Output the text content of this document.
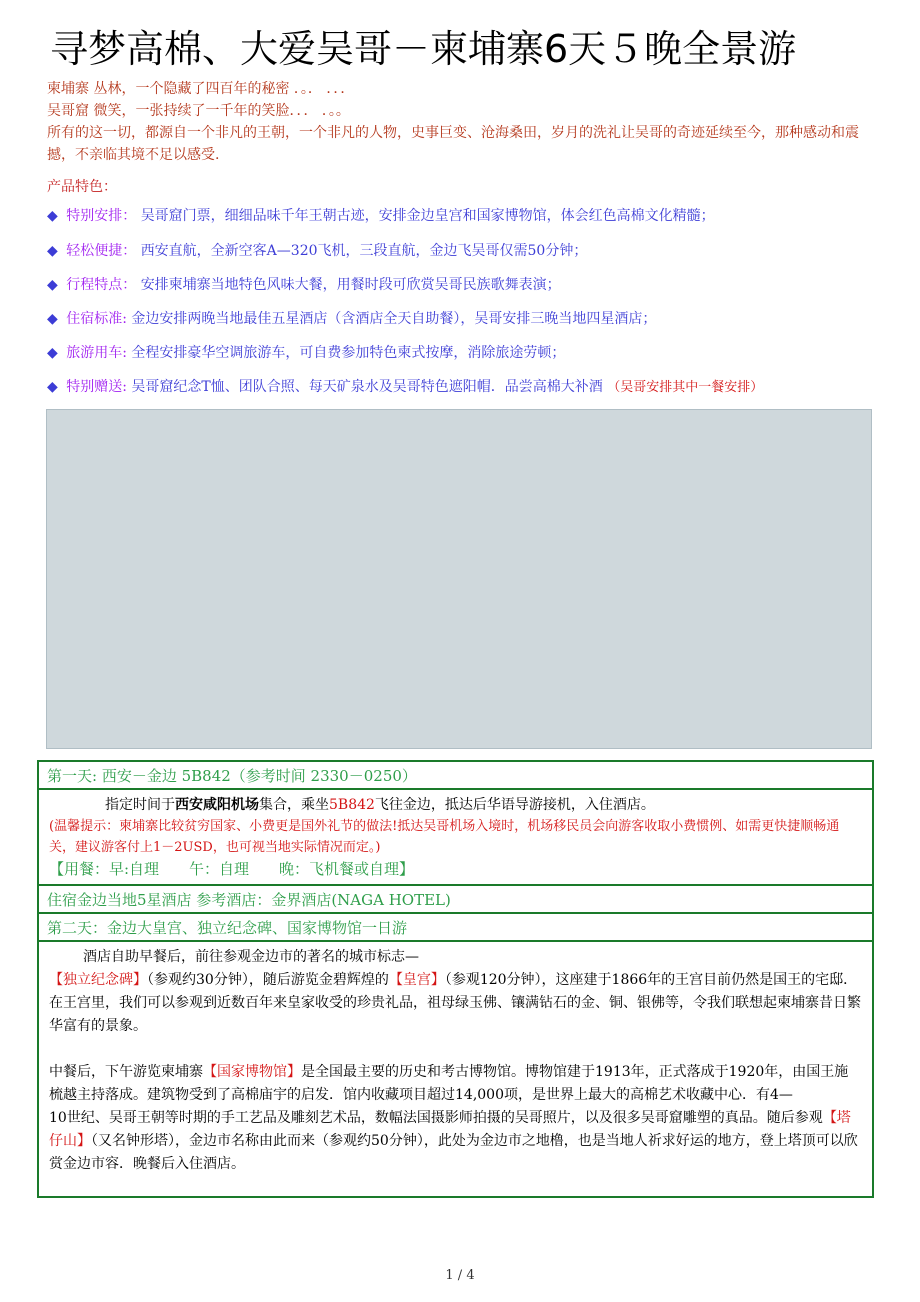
寻梦高棉、大爱吴哥－柬埔寨6天５晚全景游
柬埔寨 丛林，一个隐藏了四百年的秘密 ．。． ．．．
吴哥窟 微笑，一张持续了一千年的笑脸．．． ．。。
所有的这一切，都源自一个非凡的王朝，一个非凡的人物，史事巨变、沧海桑田，岁月的洗礼让吴哥的奇迹延续至今，那种感动和震撼，不亲临其境不足以感受.
产品特色：
◆ 特别安排： 吴哥窟门票，细细品味千年王朝古迹，安排金边皇宫和国家博物馆，体会红色高棉文化精髓；
◆ 轻松便捷： 西安直航，全新空客A—320飞机，三段直航，金边飞吴哥仅需50分钟；
◆ 行程特点： 安排柬埔寨当地特色风味大餐，用餐时段可欣赏吴哥民族歌舞表演；
◆ 住宿标准: 金边安排两晚当地最佳五星酒店（含酒店全天自助餐），吴哥安排三晚当地四星酒店；
◆ 旅游用车: 全程安排豪华空调旅游车，可自费参加特色柬式按摩，消除旅途劳顿；
◆ 特别赠送: 吴哥窟纪念T恤、团队合照、每天矿泉水及吴哥特色遮阳帽．品尝高棉大补酒 （吴哥安排其中一餐安排）
第一天: 西安－金边 5B842（参考时间 2330－0250）
指定时间于西安咸阳机场集合，乘坐5B842飞往金边，抵达后华语导游接机，入住酒店。
(温馨提示：柬埔寨比较贫穷国家、小费更是国外礼节的做法!抵达吴哥机场入境时，机场移民员会向游客收取小费惯例、如需更快捷顺畅通关，建议游客付上1－2USD，也可视当地实际情况而定。)
【用餐：早:自理　　午：自理　　晚：飞机餐或自理】
住宿金边当地5星酒店 参考酒店：金界酒店(NAGA HOTEL)
第二天：金边大皇宫、独立纪念碑、国家博物馆一日游
酒店自助早餐后，前往参观金边市的著名的城市标志—
【独立纪念碑】（参观约30分钟），随后游览金碧辉煌的【皇宫】（参观120分钟），这座建于1866年的王宫目前仍然是国王的宅邸．在王宫里，我们可以参观到近数百年来皇家收受的珍贵礼品，祖母绿玉佛、镶满钻石的金、铜、银佛等，令我们联想起柬埔寨昔日繁华富有的景象。
中餐后，下午游览柬埔寨【国家博物馆】是全国最主要的历史和考古博物馆。博物馆建于1913年，正式落成于1920年，由国王施梳越主持落成。建筑物受到了高棉庙宇的启发．馆内收藏项目超过14,000项，是世界上最大的高棉艺术收藏中心．有4—
10世纪、吴哥王朝等时期的手工艺品及雕刻艺术品，数幅法国摄影师拍摄的吴哥照片，以及很多吴哥窟雕塑的真品。随后参观【塔仔山】（又名钟形塔），金边市名称由此而来（参观约50分钟），此处为金边市之地橹，也是当地人祈求好运的地方，登上塔顶可以欣赏金边市容．晚餐后入住酒店。
1 / 4
